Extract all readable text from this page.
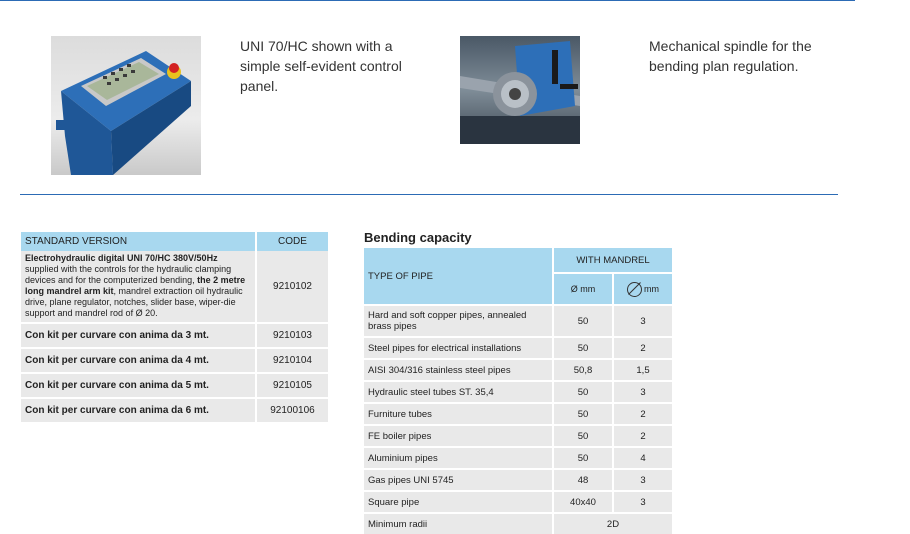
UNI 70/HC shown with a simple self-evident control panel.
Mechanical spindle for the bending plan regulation.
STANDARD VERSION	CODE
Electrohydraulic digital UNI 70/HC 380V/50Hz supplied with the controls for the hydraulic clamping devices and for the computerized bending, the 2 metre long mandrel arm kit, mandrel extraction oil hydraulic drive, plane regulator, notches, slider base, wiper-die support and mandrel rod of Ø 20.	9210102
Con kit per curvare con anima da 3 mt.	9210103
Con kit per curvare con anima da 4 mt.	9210104
Con kit per curvare con anima da 5 mt.	9210105
Con kit per curvare con anima da 6 mt.	92100106
Bending capacity
TYPE OF PIPE	WITH MANDREL	
	Ø mm	mm
Hard and soft copper pipes, annealed brass pipes	50	3
Steel pipes for electrical installations	50	2
AISI 304/316 stainless steel pipes	50,8	1,5
Hydraulic steel tubes ST. 35,4	50	3
Furniture tubes	50	2
FE boiler pipes	50	2
Aluminium pipes	50	4
Gas pipes UNI 5745	48	3
Square pipe	40x40	3
Minimum radii	2D	
